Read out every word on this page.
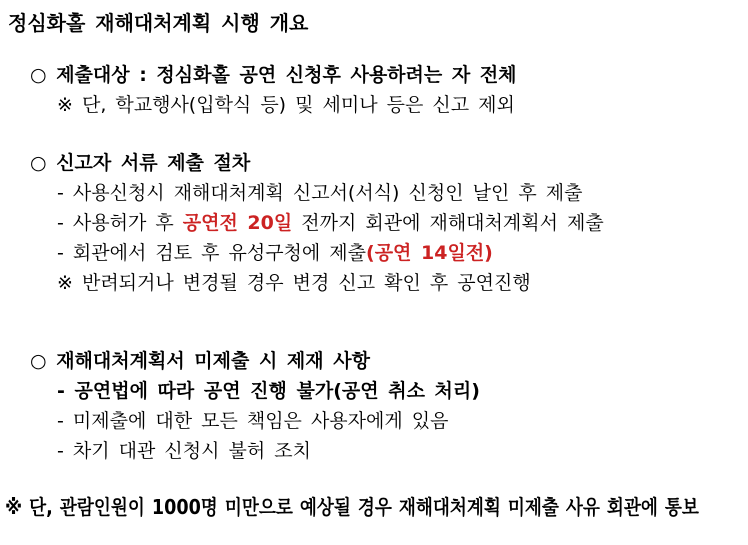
정심화홀 재해대처계획 시행 개요
○ 제출대상 : 정심화홀 공연 신청후 사용하려는 자 전체
※ 단, 학교행사(입학식 등) 및 세미나 등은 신고 제외
○ 신고자 서류 제출 절차
- 사용신청시 재해대처계획 신고서(서식) 신청인 날인 후 제출
- 사용허가 후 공연전 20일 전까지 회관에 재해대처계획서 제출
- 회관에서 검토 후 유성구청에 제출(공연 14일전)
※ 반려되거나 변경될 경우 변경 신고 확인 후 공연진행
○ 재해대처계획서 미제출 시 제재 사항
- 공연법에 따라 공연 진행 불가(공연 취소 처리)
- 미제출에 대한 모든 책임은 사용자에게 있음
- 차기 대관 신청시 불허 조치
※ 단, 관람인원이 1000명 미만으로 예상될 경우 재해대처계획 미제출 사유 회관에 통보
